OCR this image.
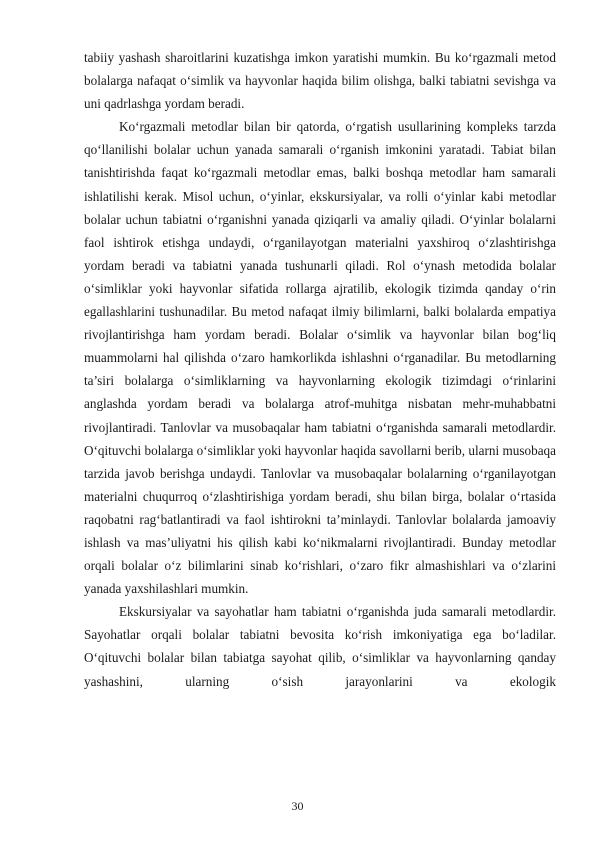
tabiiy yashash sharoitlarini kuzatishga imkon yaratishi mumkin. Bu ko‘rgazmali metod bolalarga nafaqat o‘simlik va hayvonlar haqida bilim olishga, balki tabiatni sevishga va uni qadrlashga yordam beradi.

Ko‘rgazmali metodlar bilan bir qatorda, o‘rgatish usullarining kompleks tarzda qo‘llanilishi bolalar uchun yanada samarali o‘rganish imkonini yaratadi. Tabiat bilan tanishtirishda faqat ko‘rgazmali metodlar emas, balki boshqa metodlar ham samarali ishlatilishi kerak. Misol uchun, o‘yinlar, ekskursiyalar, va rolli o‘yinlar kabi metodlar bolalar uchun tabiatni o‘rganishni yanada qiziqarli va amaliy qiladi. O‘yinlar bolalarni faol ishtirok etishga undaydi, o‘rganilayotgan materialni yaxshiroq o‘zlashtirishga yordam beradi va tabiatni yanada tushunarli qiladi. Rol o‘ynash metodida bolalar o‘simliklar yoki hayvonlar sifatida rollarga ajratilib, ekologik tizimda qanday o‘rin egallashlarini tushunadilar. Bu metod nafaqat ilmiy bilimlarni, balki bolalarda empatiya rivojlantirishga ham yordam beradi. Bolalar o‘simlik va hayvonlar bilan bog‘liq muammolarni hal qilishda o‘zaro hamkorlikda ishlashni o‘rganadilar. Bu metodlarning ta’siri bolalarga o‘simliklarning va hayvonlarning ekologik tizimdagi o‘rinlarini anglashda yordam beradi va bolalarga atrof-muhitga nisbatan mehr-muhabbatni rivojlantiradi. Tanlovlar va musobaqalar ham tabiatni o‘rganishda samarali metodlardir. O‘qituvchi bolalarga o‘simliklar yoki hayvonlar haqida savollarni berib, ularni musobaqa tarzida javob berishga undaydi. Tanlovlar va musobaqalar bolalarning o‘rganilayotgan materialni chuqurroq o‘zlashtirishiga yordam beradi, shu bilan birga, bolalar o‘rtasida raqobatni rag‘batlantiradi va faol ishtirokni ta’minlaydi. Tanlovlar bolalarda jamoaviy ishlash va mas’uliyatni his qilish kabi ko‘nikmalarni rivojlantiradi. Bunday metodlar orqali bolalar o‘z bilimlarini sinab ko‘rishlari, o‘zaro fikr almashishlari va o‘zlarini yanada yaxshilashlari mumkin.

Ekskursiyalar va sayohatlar ham tabiatni o‘rganishda juda samarali metodlardir. Sayohatlar orqali bolalar tabiatni bevosita ko‘rish imkoniyatiga ega bo‘ladilar. O‘qituvchi bolalar bilan tabiatga sayohat qilib, o‘simliklar va hayvonlarning qanday yashashini, ularning o‘sish jarayonlarini va ekologik

30
